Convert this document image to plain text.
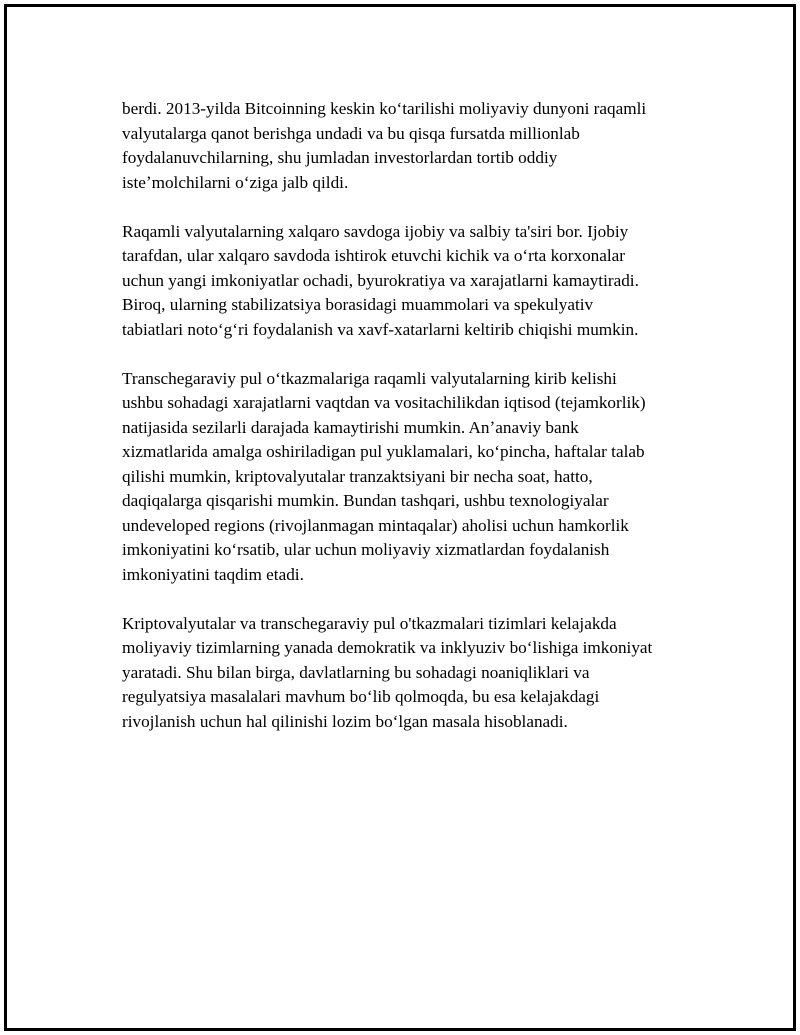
berdi. 2013-yilda Bitcoinning keskin koʻtarilishi moliyaviy dunyoni raqamli
valyutalarga qanot berishga undadi va bu qisqa fursatda millionlab
foydalanuvchilarning, shu jumladan investorlardan tortib oddiy
isteʼmolchilarni oʻziga jalb qildi.

Raqamli valyutalarning xalqaro savdoga ijobiy va salbiy ta'siri bor. Ijobiy
tarafdan, ular xalqaro savdoda ishtirok etuvchi kichik va oʻrta korxonalar
uchun yangi imkoniyatlar ochadi, byurokratiya va xarajatlarni kamaytiradi.
Biroq, ularning stabilizatsiya borasidagi muammolari va spekulyativ
tabiatlari notoʻgʻri foydalanish va xavf-xatarlarni keltirib chiqishi mumkin.

Transchegaraviy pul oʻtkazmalariga raqamli valyutalarning kirib kelishi
ushbu sohadagi xarajatlarni vaqtdan va vositachilikdan iqtisod (tejamkorlik)
natijasida sezilarli darajada kamaytirishi mumkin. Anʼanaviy bank
xizmatlarida amalga oshiriladigan pul yuklamalari, koʻpincha, haftalar talab
qilishi mumkin, kriptovalyutalar tranzaktsiyani bir necha soat, hatto,
daqiqalarga qisqarishi mumkin. Bundan tashqari, ushbu texnologiyalar
undeveloped regions (rivojlanmagan mintaqalar) aholisi uchun hamkorlik
imkoniyatini koʻrsatib, ular uchun moliyaviy xizmatlardan foydalanish
imkoniyatini taqdim etadi.

Kriptovalyutalar va transchegaraviy pul o'tkazmalari tizimlari kelajakda
moliyaviy tizimlarning yanada demokratik va inklyuziv boʻlishiga imkoniyat
yaratadi. Shu bilan birga, davlatlarning bu sohadagi noaniqliklari va
regulyatsiya masalalari mavhum boʻlib qolmoqda, bu esa kelajakdagi
rivojlanish uchun hal qilinishi lozim boʻlgan masala hisoblanadi.
